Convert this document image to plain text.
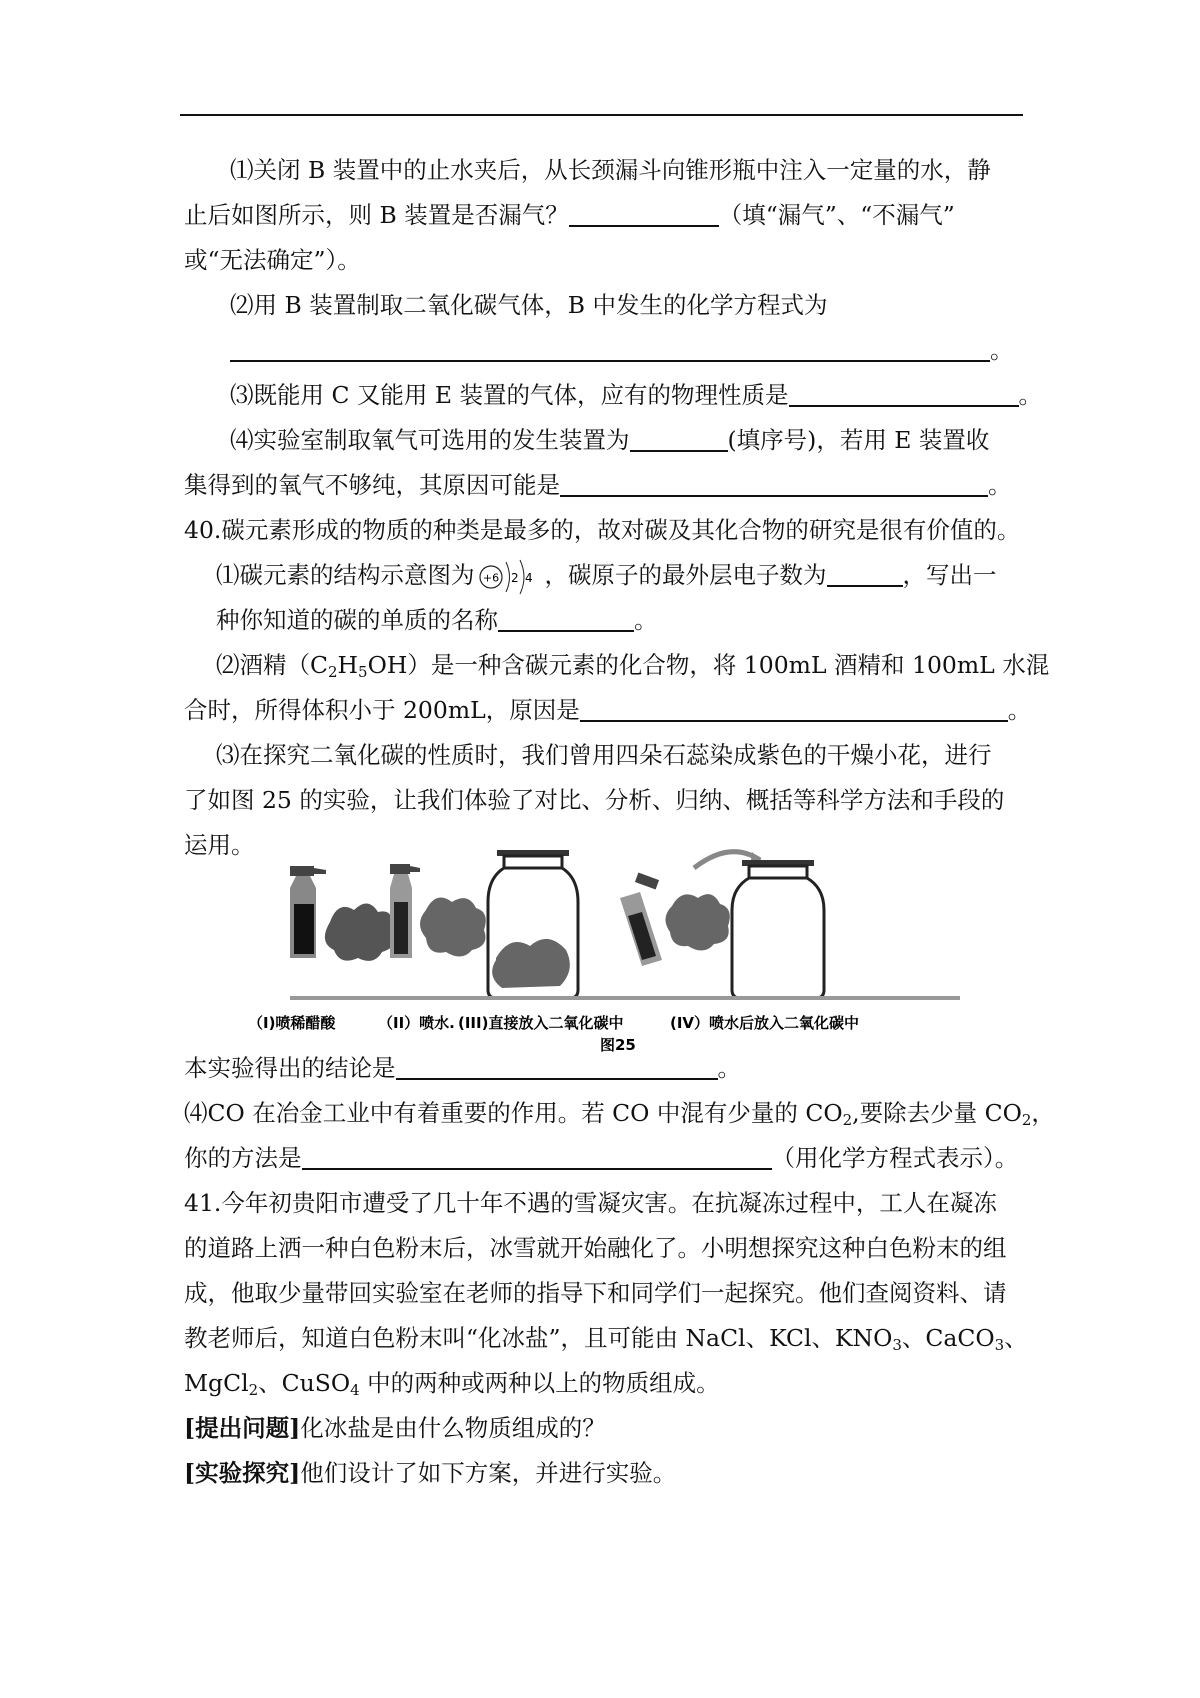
⑴关闭 B 装置中的止水夹后，从长颈漏斗向锥形瓶中注入一定量的水，静
止后如图所示，则 B 装置是否漏气？	（填“漏气”、“不漏气”
或“无法确定”）。
⑵用 B 装置制取二氧化碳气体，B 中发生的化学方程式为
。
⑶既能用 C 又能用 E 装置的气体，应有的物理性质是	。
⑷实验室制取氧气可选用的发生装置为	(填序号)，若用 E 装置收
集得到的氧气不够纯，其原因可能是	。
40.碳元素形成的物质的种类是最多的，故对碳及其化合物的研究是很有价值的。
⑴碳元素的结构示意图为 +6 2 4 ，碳原子的最外层电子数为	，写出一
种你知道的碳的单质的名称	。
⑵酒精$(C_2H_5OH)$是一种含碳元素的化合物，将 100mL 酒精和 100mL 水混
合时，所得体积小于 200mL，原因是	。
⑶在探究二氧化碳的性质时，我们曾用四朵石蕊染成紫色的干燥小花，进行
了如图 25 的实验，让我们体验了对比、分析、归纳、概括等科学方法和手段的
运用。
（I)喷稀醋酸	（II）喷水. (III)直接放入二氧化碳中	(IV）喷水后放入二氧化碳中
图25
本实验得出的结论是	。
⑷CO 在冶金工业中有着重要的作用。若 CO 中混有少量的 $CO_2$,要除去少量 $CO_2$，
你的方法是	（用化学方程式表示）。
41.今年初贵阳市遭受了几十年不遇的雪凝灾害。在抗凝冻过程中，工人在凝冻
的道路上洒一种白色粉末后，冰雪就开始融化了。小明想探究这种白色粉末的组
成，他取少量带回实验室在老师的指导下和同学们一起探究。他们查阅资料、请
教老师后，知道白色粉末叫“化冰盐”，且可能由 NaCl、KCl、$KNO_3$、CaCO$_3$、
MgCl$_2$、CuSO$_4$ 中的两种或两种以上的物质组成。
[提出问题]化冰盐是由什么物质组成的？
[实验探究]他们设计了如下方案，并进行实验。
